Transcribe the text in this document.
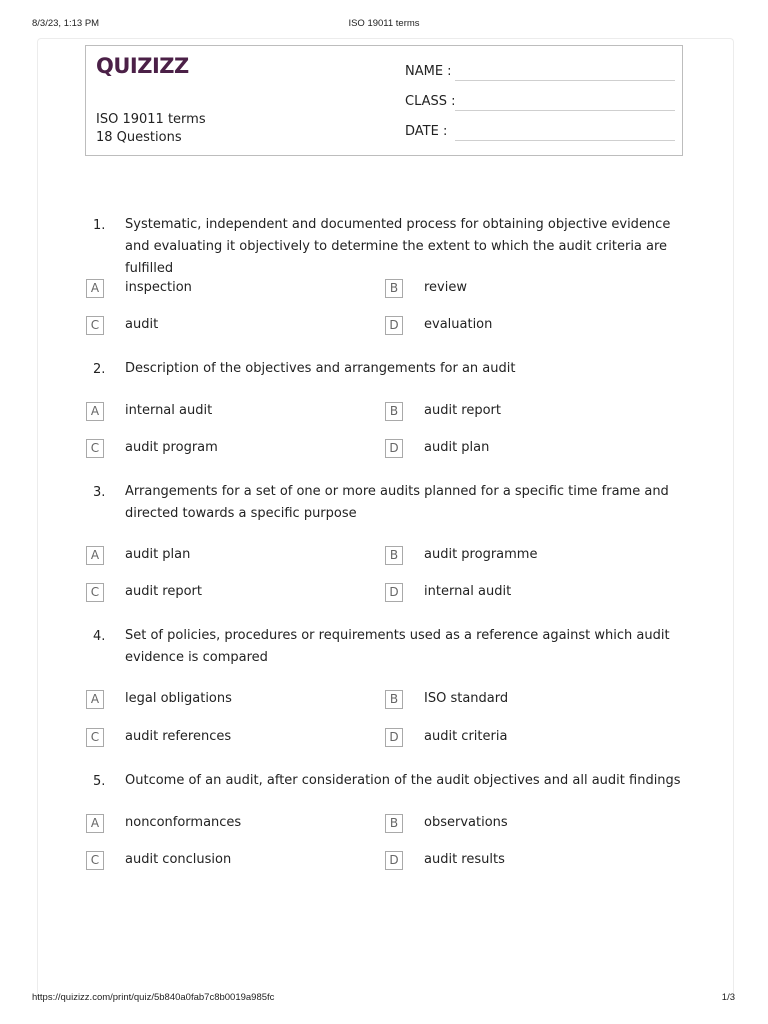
8/3/23, 1:13 PM	ISO 19011 terms
QUIZIZZ
ISO 19011 terms
18 Questions
NAME :
CLASS :
DATE :
1. Systematic, independent and documented process for obtaining objective evidence and evaluating it objectively to determine the extent to which the audit criteria are fulfilled
A	inspection	B	review
C	audit	D	evaluation
2. Description of the objectives and arrangements for an audit
A	internal audit	B	audit report
C	audit program	D	audit plan
3. Arrangements for a set of one or more audits planned for a specific time frame and directed towards a specific purpose
A	audit plan	B	audit programme
C	audit report	D	internal audit
4. Set of policies, procedures or requirements used as a reference against which audit evidence is compared
A	legal obligations	B	ISO standard
C	audit references	D	audit criteria
5. Outcome of an audit, after consideration of the audit objectives and all audit findings
A	nonconformances	B	observations
C	audit conclusion	D	audit results
https://quizizz.com/print/quiz/5b840a0fab7c8b0019a985fc	1/3
